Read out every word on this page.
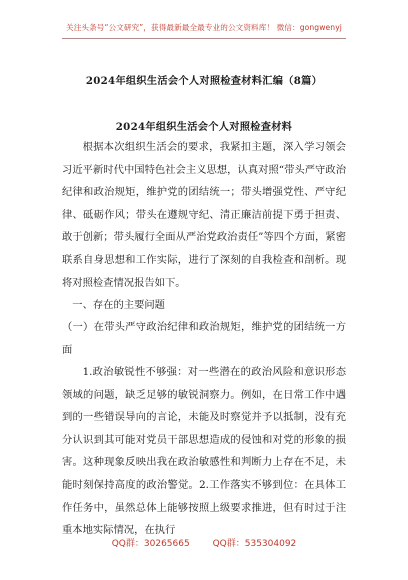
关注头条号“公文研究”，获得最新最全最专业的公文资料库！ 微信：gongwenyj
2024年组织生活会个人对照检查材料汇编（8篇）
2024年组织生活会个人对照检查材料

根据本次组织生活会的要求，我紧扣主题，深入学习领会习近平新时代中国特色社会主义思想，认真对照“带头严守政治纪律和政治规矩，维护党的团结统一；带头增强党性、严守纪律、砥砺作风；带头在遵规守纪、清正廉洁前提下勇于担责、敢于创新；带头履行全面从严治党政治责任”等四个方面，紧密联系自身思想和工作实际，进行了深刻的自我检查和剖析。现将对照检查情况报告如下。

一、存在的主要问题

（一）在带头严守政治纪律和政治规矩，维护党的团结统一方面

1.政治敏锐性不够强：对一些潜在的政治风险和意识形态领域的问题，缺乏足够的敏锐洞察力。例如，在日常工作中遇到的一些错误导向的言论，未能及时察觉并予以抵制，没有充分认识到其可能对党员干部思想造成的侵蚀和对党的形象的损害。这种现象反映出我在政治敏感性和判断力上存在不足，未能时刻保持高度的政治警觉。2.工作落实不够到位：在具体工作任务中，虽然总体上能够按照上级要求推进，但有时过于注重本地实际情况，在执行

QQ群：30265665	QQ群：535304092
